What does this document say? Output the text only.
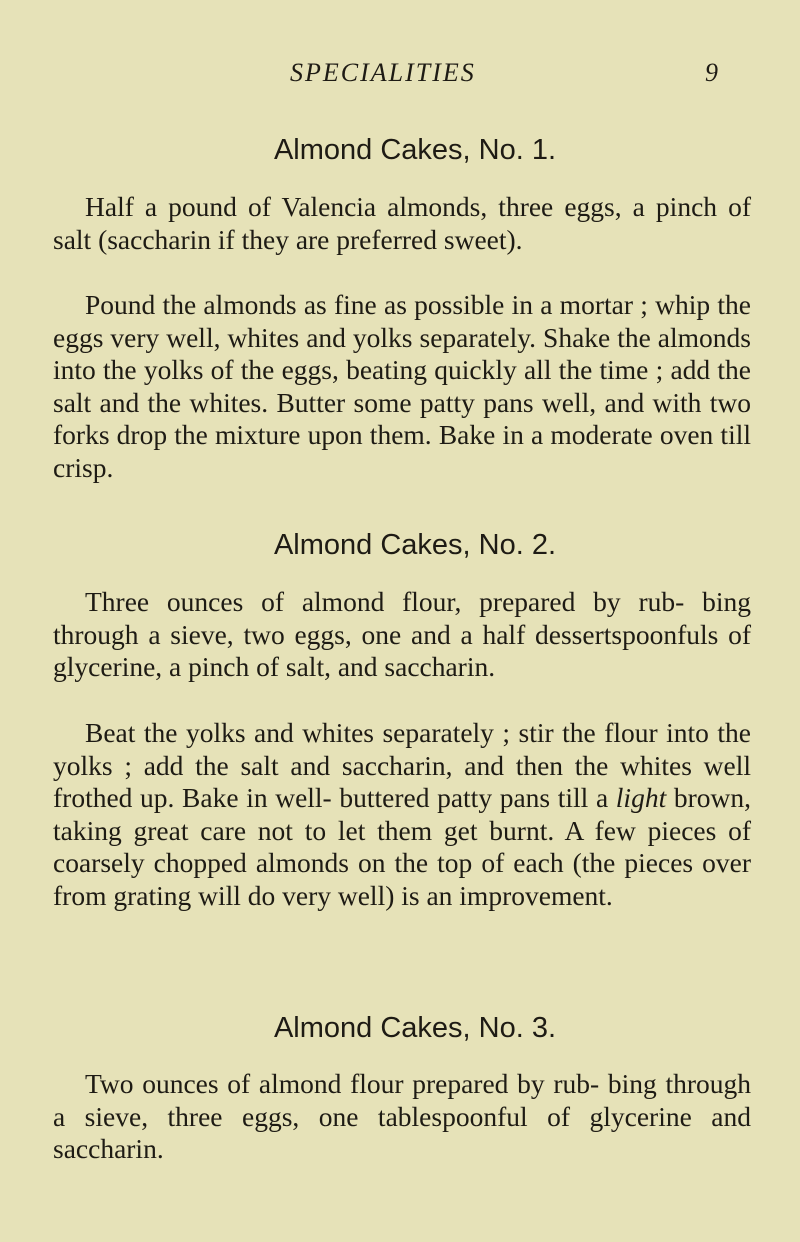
SPECIALITIES	9
Almond Cakes, No. 1.

Half a pound of Valencia almonds, three eggs, a pinch of salt (saccharin if they are preferred sweet).

Pound the almonds as fine as possible in a mortar ; whip the eggs very well, whites and yolks separately. Shake the almonds into the yolks of the eggs, beating quickly all the time ; add the salt and the whites. Butter some patty pans well, and with two forks drop the mixture upon them. Bake in a moderate oven till crisp.

Almond Cakes, No. 2.

Three ounces of almond flour, prepared by rub- bing through a sieve, two eggs, one and a half dessertspoonfuls of glycerine, a pinch of salt, and saccharin.

Beat the yolks and whites separately ; stir the flour into the yolks ; add the salt and saccharin, and then the whites well frothed up. Bake in well- buttered patty pans till a light brown, taking great care not to let them get burnt. A few pieces of coarsely chopped almonds on the top of each (the pieces over from grating will do very well) is an improvement.

Almond Cakes, No. 3.

Two ounces of almond flour prepared by rub- bing through a sieve, three eggs, one tablespoonful of glycerine and saccharin.
